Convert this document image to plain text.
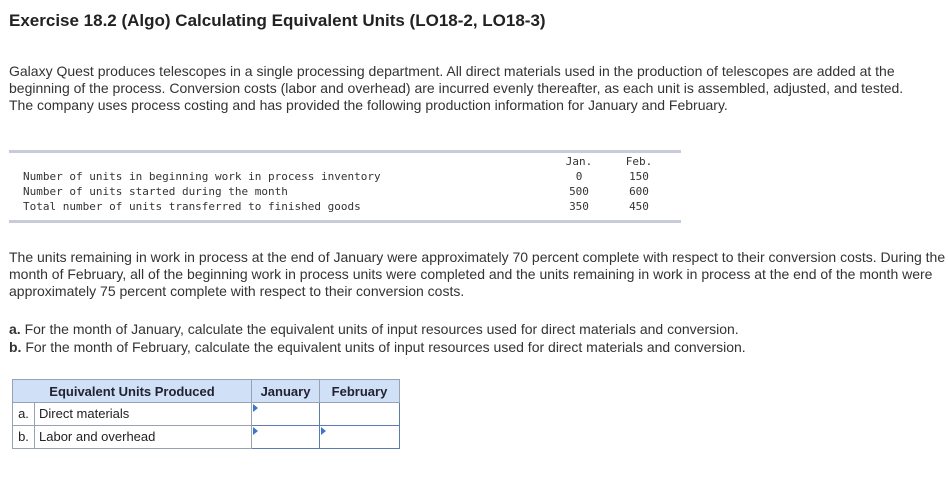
Exercise 18.2 (Algo) Calculating Equivalent Units (LO18-2, LO18-3)

Galaxy Quest produces telescopes in a single processing department. All direct materials used in the production of telescopes are added at the beginning of the process. Conversion costs (labor and overhead) are incurred evenly thereafter, as each unit is assembled, adjusted, and tested. The company uses process costing and has provided the following production information for January and February.

Jan.	Feb.
Number of units in beginning work in process inventory	0	150
Number of units started during the month	500	600
Total number of units transferred to finished goods	350	450

The units remaining in work in process at the end of January were approximately 70 percent complete with respect to their conversion costs. During the month of February, all of the beginning work in process units were completed and the units remaining in work in process at the end of the month were approximately 75 percent complete with respect to their conversion costs.

a. For the month of January, calculate the equivalent units of input resources used for direct materials and conversion.

b. For the month of February, calculate the equivalent units of input resources used for direct materials and conversion.

Equivalent Units Produced	January	February
a. Direct materials	

b. Labor and overhead	
